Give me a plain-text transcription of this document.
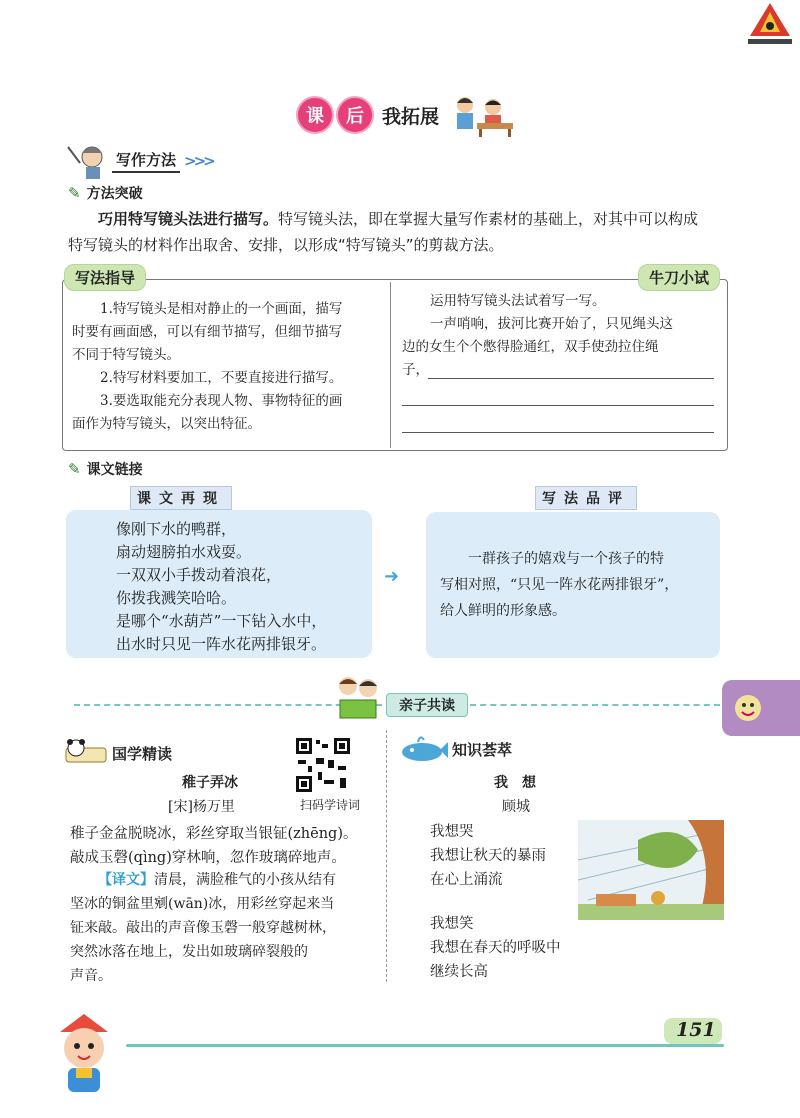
课	后 我拓展
写作方法 >>>
✎ 方法突破
巧用特写镜头法进行描写。特写镜头法，即在掌握大量写作素材的基础上，对其中可以构成
特写镜头的材料作出取舍、安排，以形成“特写镜头”的剪裁方法。
写法指导	牛刀小试
1.特写镜头是相对静止的一个画面，描写
时要有画面感，可以有细节描写，但细节描写
不同于特写镜头。
2.特写材料要加工，不要直接进行描写。
3.要选取能充分表现人物、事物特征的画
面作为特写镜头，以突出特征。
运用特写镜头法试着写一写。
一声哨响，拔河比赛开始了，只见绳头这
边的女生个个憋得脸通红，双手使劲拉住绳
子，
✎ 课文链接
课文再现	写法品评
像刚下水的鸭群，
扇动翅膀拍水戏耍。
一双双小手拨动着浪花，
你拨我溅笑哈哈。
是哪个“水葫芦”一下钻入水中，
出水时只见一阵水花两排银牙。
➜
一群孩子的嬉戏与一个孩子的特
写相对照，“只见一阵水花两排银牙”，
给人鲜明的形象感。
亲子共读
国学精读
稚子弄冰
[宋]杨万里	扫码学诗词
稚子金盆脱晓冰，彩丝穿取当银钲(zhēng)。
敲成玉磬(qìng)穿林响，忽作玻璃碎地声。
【译文】清晨，满脸稚气的小孩从结有
坚冰的铜盆里剜(wān)冰，用彩丝穿起来当
钲来敲。敲出的声音像玉磬一般穿越树林，
突然冰落在地上，发出如玻璃碎裂般的
声音。
知识荟萃
我　想
顾城
我想哭
我想让秋天的暴雨
在心上涌流
我想笑
我想在春天的呼吸中
继续长高
151
